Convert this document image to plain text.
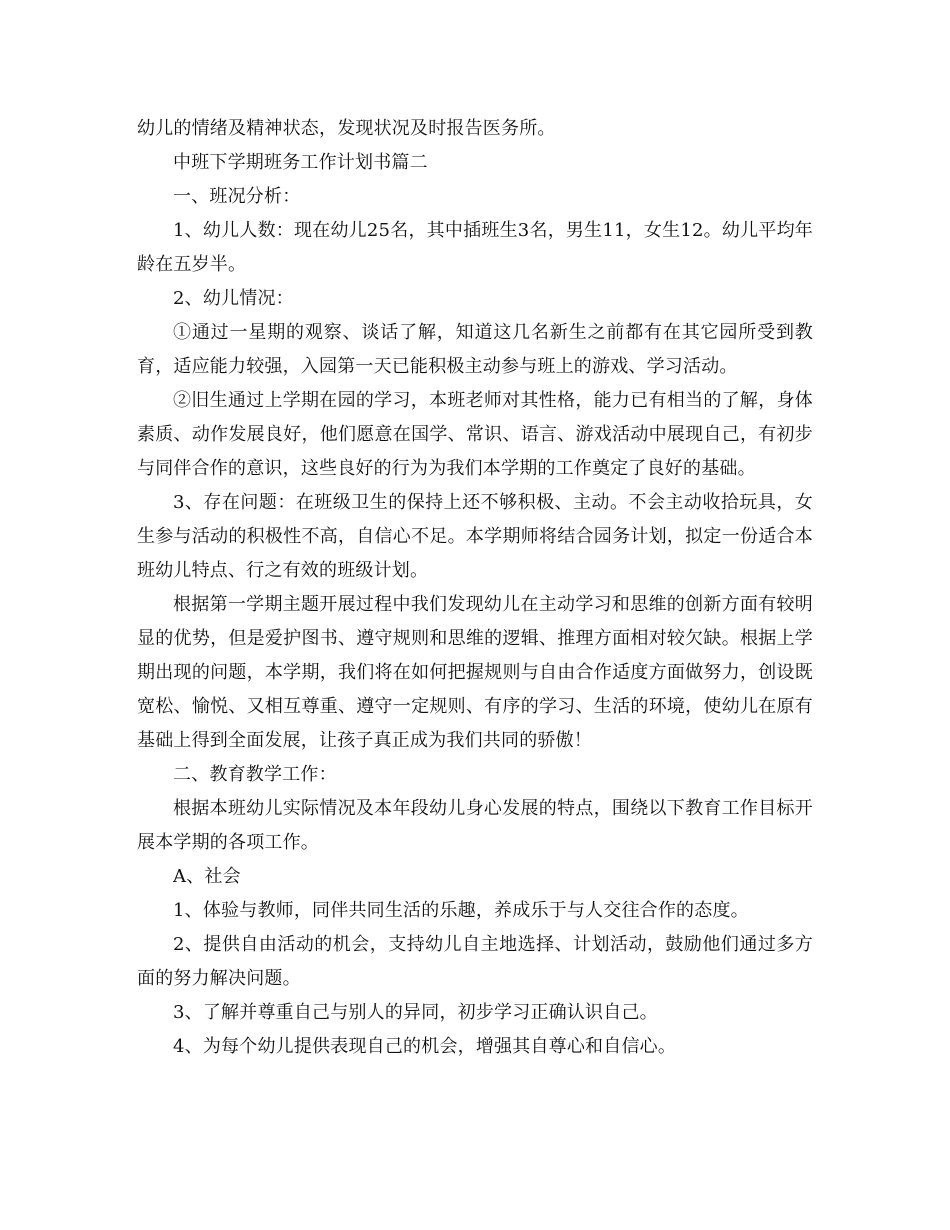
幼儿的情绪及精神状态，发现状况及时报告医务所。

中班下学期班务工作计划书篇二

一、班况分析：

1、幼儿人数：现在幼儿25名，其中插班生3名，男生11，女生12。幼儿平均年龄在五岁半。

2、幼儿情况：

①通过一星期的观察、谈话了解，知道这几名新生之前都有在其它园所受到教育，适应能力较强，入园第一天已能积极主动参与班上的游戏、学习活动。

②旧生通过上学期在园的学习，本班老师对其性格，能力已有相当的了解，身体素质、动作发展良好，他们愿意在国学、常识、语言、游戏活动中展现自己，有初步与同伴合作的意识，这些良好的行为为我们本学期的工作奠定了良好的基础。

3、存在问题：在班级卫生的保持上还不够积极、主动。不会主动收拾玩具，女生参与活动的积极性不高，自信心不足。本学期师将结合园务计划，拟定一份适合本班幼儿特点、行之有效的班级计划。

根据第一学期主题开展过程中我们发现幼儿在主动学习和思维的创新方面有较明显的优势，但是爱护图书、遵守规则和思维的逻辑、推理方面相对较欠缺。根据上学期出现的问题，本学期，我们将在如何把握规则与自由合作适度方面做努力，创设既宽松、愉悦、又相互尊重、遵守一定规则、有序的学习、生活的环境，使幼儿在原有基础上得到全面发展，让孩子真正成为我们共同的骄傲！

二、教育教学工作：

根据本班幼儿实际情况及本年段幼儿身心发展的特点，围绕以下教育工作目标开展本学期的各项工作。

A、社会

1、体验与教师，同伴共同生活的乐趣，养成乐于与人交往合作的态度。

2、提供自由活动的机会，支持幼儿自主地选择、计划活动，鼓励他们通过多方面的努力解决问题。

3、了解并尊重自己与别人的异同，初步学习正确认识自己。

4、为每个幼儿提供表现自己的机会，增强其自尊心和自信心。
